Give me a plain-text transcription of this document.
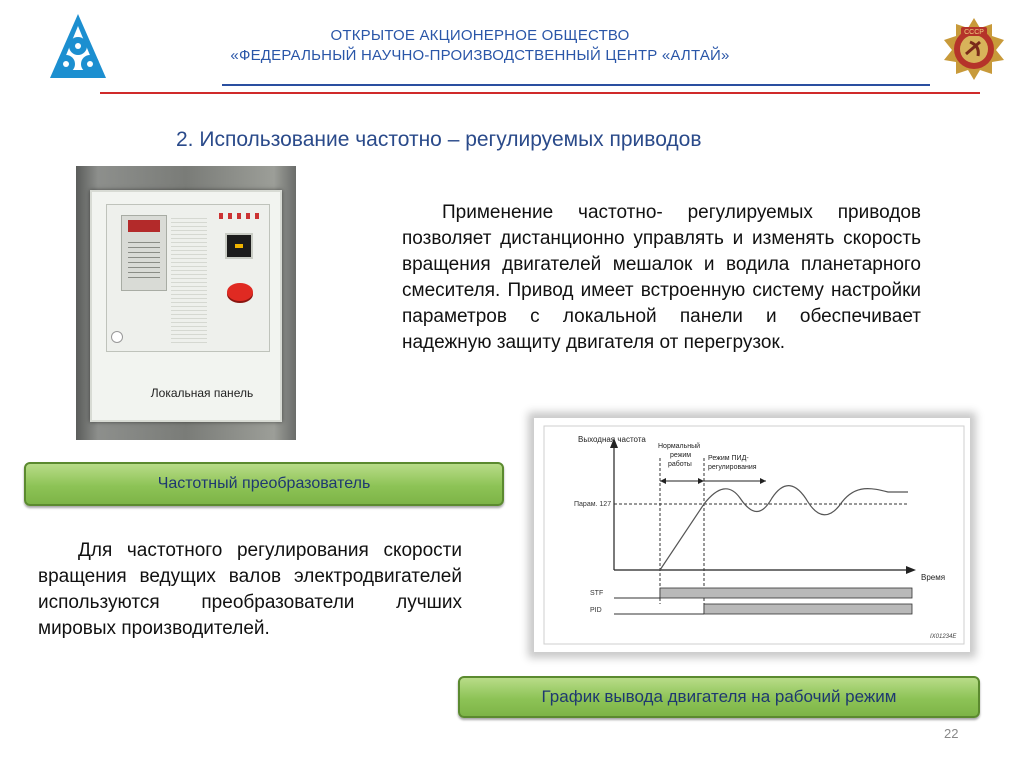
ОТКРЫТОЕ АКЦИОНЕРНОЕ ОБЩЕСТВО
«ФЕДЕРАЛЬНЫЙ НАУЧНО-ПРОИЗВОДСТВЕННЫЙ ЦЕНТР «АЛТАЙ»
СССР
2. Использование частотно – регулируемых приводов
Локальная панель
Применение частотно- регулируемых приводов позволяет дистанционно управлять и изменять скорость вращения двигателей мешалок и водила планетарного смесителя. Привод имеет встроенную систему настройки параметров с локальной панели и обеспечивает надежную защиту двигателя от перегрузок.
Частотный преобразователь
Для частотного регулирования скорости вращения ведущих валов электродвигателей используются преобразователи лучших мировых производителей.
Выходная частота
Время
Парам. 127
Нормальный
режим
работы
Режим ПИД-
регулирования
STF
PID
IX01234E
График вывода двигателя на рабочий режим
22
